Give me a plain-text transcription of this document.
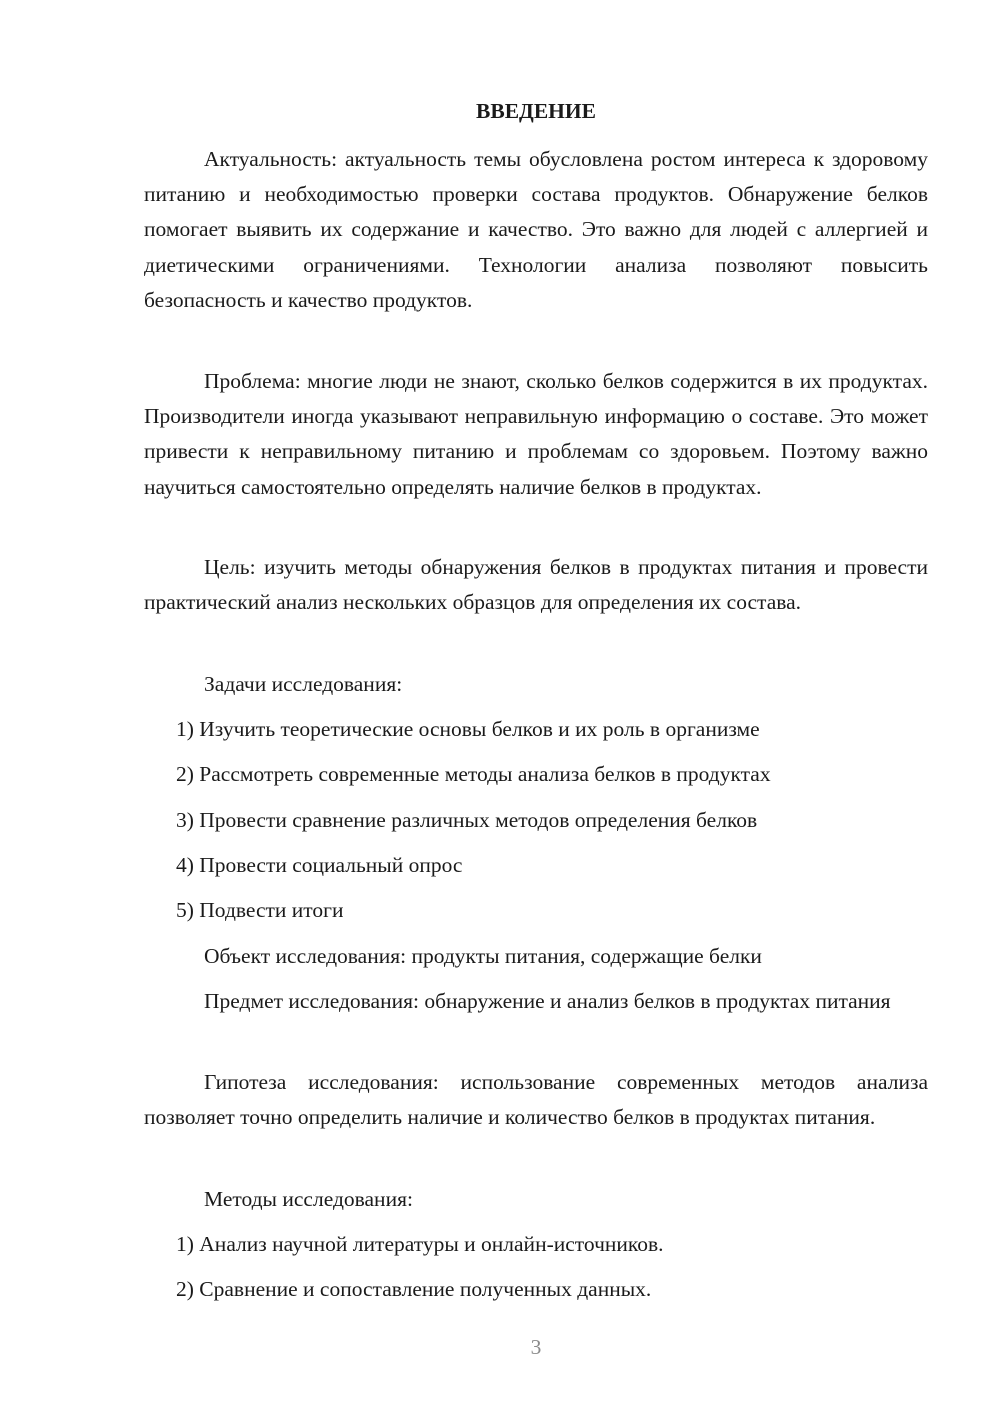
ВВЕДЕНИЕ

Актуальность: актуальность темы обусловлена ростом интереса к здоровому питанию и необходимостью проверки состава продуктов. Обнаружение белков помогает выявить их содержание и качество. Это важно для людей с аллергией и диетическими ограничениями. Технологии анализа позволяют повысить безопасность и качество продуктов.

Проблема: многие люди не знают, сколько белков содержится в их продуктах. Производители иногда указывают неправильную информацию о составе. Это может привести к неправильному питанию и проблемам со здоровьем. Поэтому важно научиться самостоятельно определять наличие белков в продуктах.

Цель: изучить методы обнаружения белков в продуктах питания и провести практический анализ нескольких образцов для определения их состава.

Задачи исследования:
1) Изучить теоретические основы белков и их роль в организме
2) Рассмотреть современные методы анализа белков в продуктах
3) Провести сравнение различных методов определения белков
4) Провести социальный опрос
5) Подвести итоги
Объект исследования: продукты питания, содержащие белки

Предмет исследования: обнаружение и анализ белков в продуктах питания

Гипотеза исследования: использование современных методов анализа позволяет точно определить наличие и количество белков в продуктах питания.

Методы исследования:
1) Анализ научной литературы и онлайн-источников.
2) Сравнение и сопоставление полученных данных.
3
